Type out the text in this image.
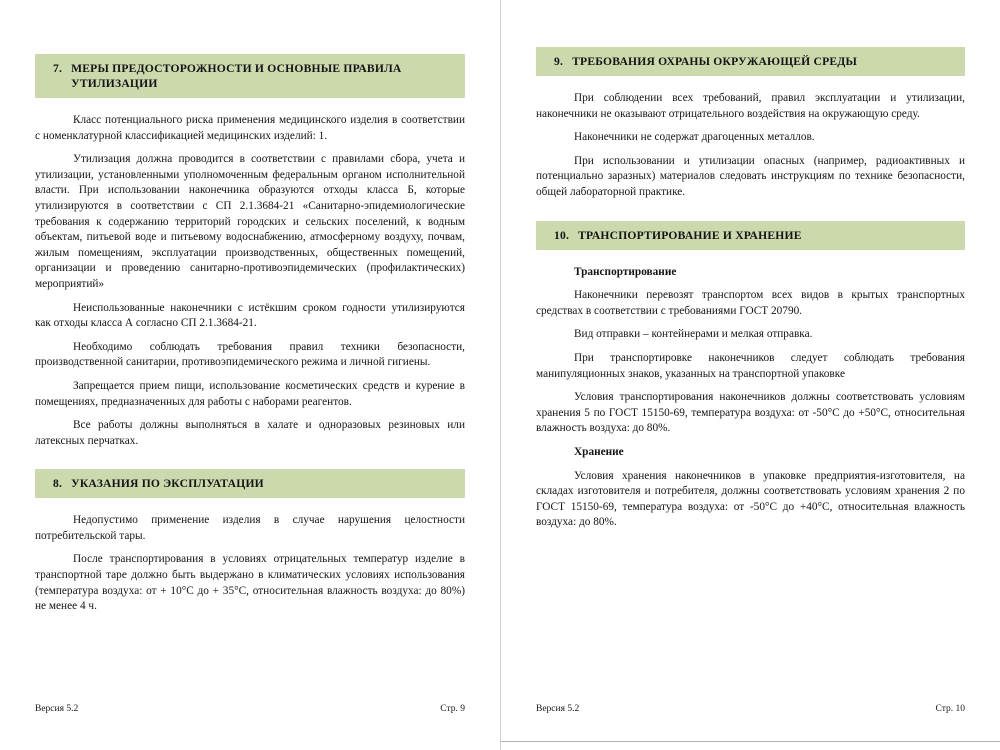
7. МЕРЫ ПРЕДОСТОРОЖНОСТИ И ОСНОВНЫЕ ПРАВИЛА УТИЛИЗАЦИИ

Класс потенциального риска применения медицинского изделия в соответствии с номенклатурной классификацией медицинских изделий: 1.

Утилизация должна проводится в соответствии с правилами сбора, учета и утилизации, установленными уполномоченным федеральным органом исполнительной власти. При использовании наконечника образуются отходы класса Б, которые утилизируются в соответствии с СП 2.1.3684-21 «Санитарно-эпидемиологические требования к содержанию территорий городских и сельских поселений, к водным объектам, питьевой воде и питьевому водоснабжению, атмосферному воздуху, почвам, жилым помещениям, эксплуатации производственных, общественных помещений, организации и проведению санитарно-противоэпидемических (профилактических) мероприятий»

Неиспользованные наконечники с истёкшим сроком годности утилизируются как отходы класса А согласно СП 2.1.3684-21.

Необходимо соблюдать требования правил техники безопасности, производственной санитарии, противоэпидемического режима и личной гигиены.

Запрещается прием пищи, использование косметических средств и курение в помещениях, предназначенных для работы с наборами реагентов.

Все работы должны выполняться в халате и одноразовых резиновых или латексных перчатках.

8. УКАЗАНИЯ ПО ЭКСПЛУАТАЦИИ

Недопустимо применение изделия в случае нарушения целостности потребительской тары.

После транспортирования в условиях отрицательных температур изделие в транспортной таре должно быть выдержано в климатических условиях использования (температура воздуха: от + 10°С до + 35°С, относительная влажность воздуха: до 80%) не менее 4 ч.

Версия 5.2	Стр. 9
9. ТРЕБОВАНИЯ ОХРАНЫ ОКРУЖАЮЩЕЙ СРЕДЫ

При соблюдении всех требований, правил эксплуатации и утилизации, наконечники не оказывают отрицательного воздействия на окружающую среду.

Наконечники не содержат драгоценных металлов.

При использовании и утилизации опасных (например, радиоактивных и потенциально заразных) материалов следовать инструкциям по технике безопасности, общей лабораторной практике.

10. ТРАНСПОРТИРОВАНИЕ И ХРАНЕНИЕ
Транспортирование

Наконечники перевозят транспортом всех видов в крытых транспортных средствах в соответствии с требованиями ГОСТ 20790.

Вид отправки – контейнерами и мелкая отправка.

При транспортировке наконечников следует соблюдать требования манипуляционных знаков, указанных на транспортной упаковке

Условия транспортирования наконечников должны соответствовать условиям хранения 5 по ГОСТ 15150-69, температура воздуха: от -50°С до +50°С, относительная влажность воздуха: до 80%.

Хранение

Условия хранения наконечников в упаковке предприятия-изготовителя, на складах изготовителя и потребителя, должны соответствовать условиям хранения 2 по ГОСТ 15150-69, температура воздуха: от -50°С до +40°С, относительная влажность воздуха: до 80%.

Версия 5.2	Стр. 10
